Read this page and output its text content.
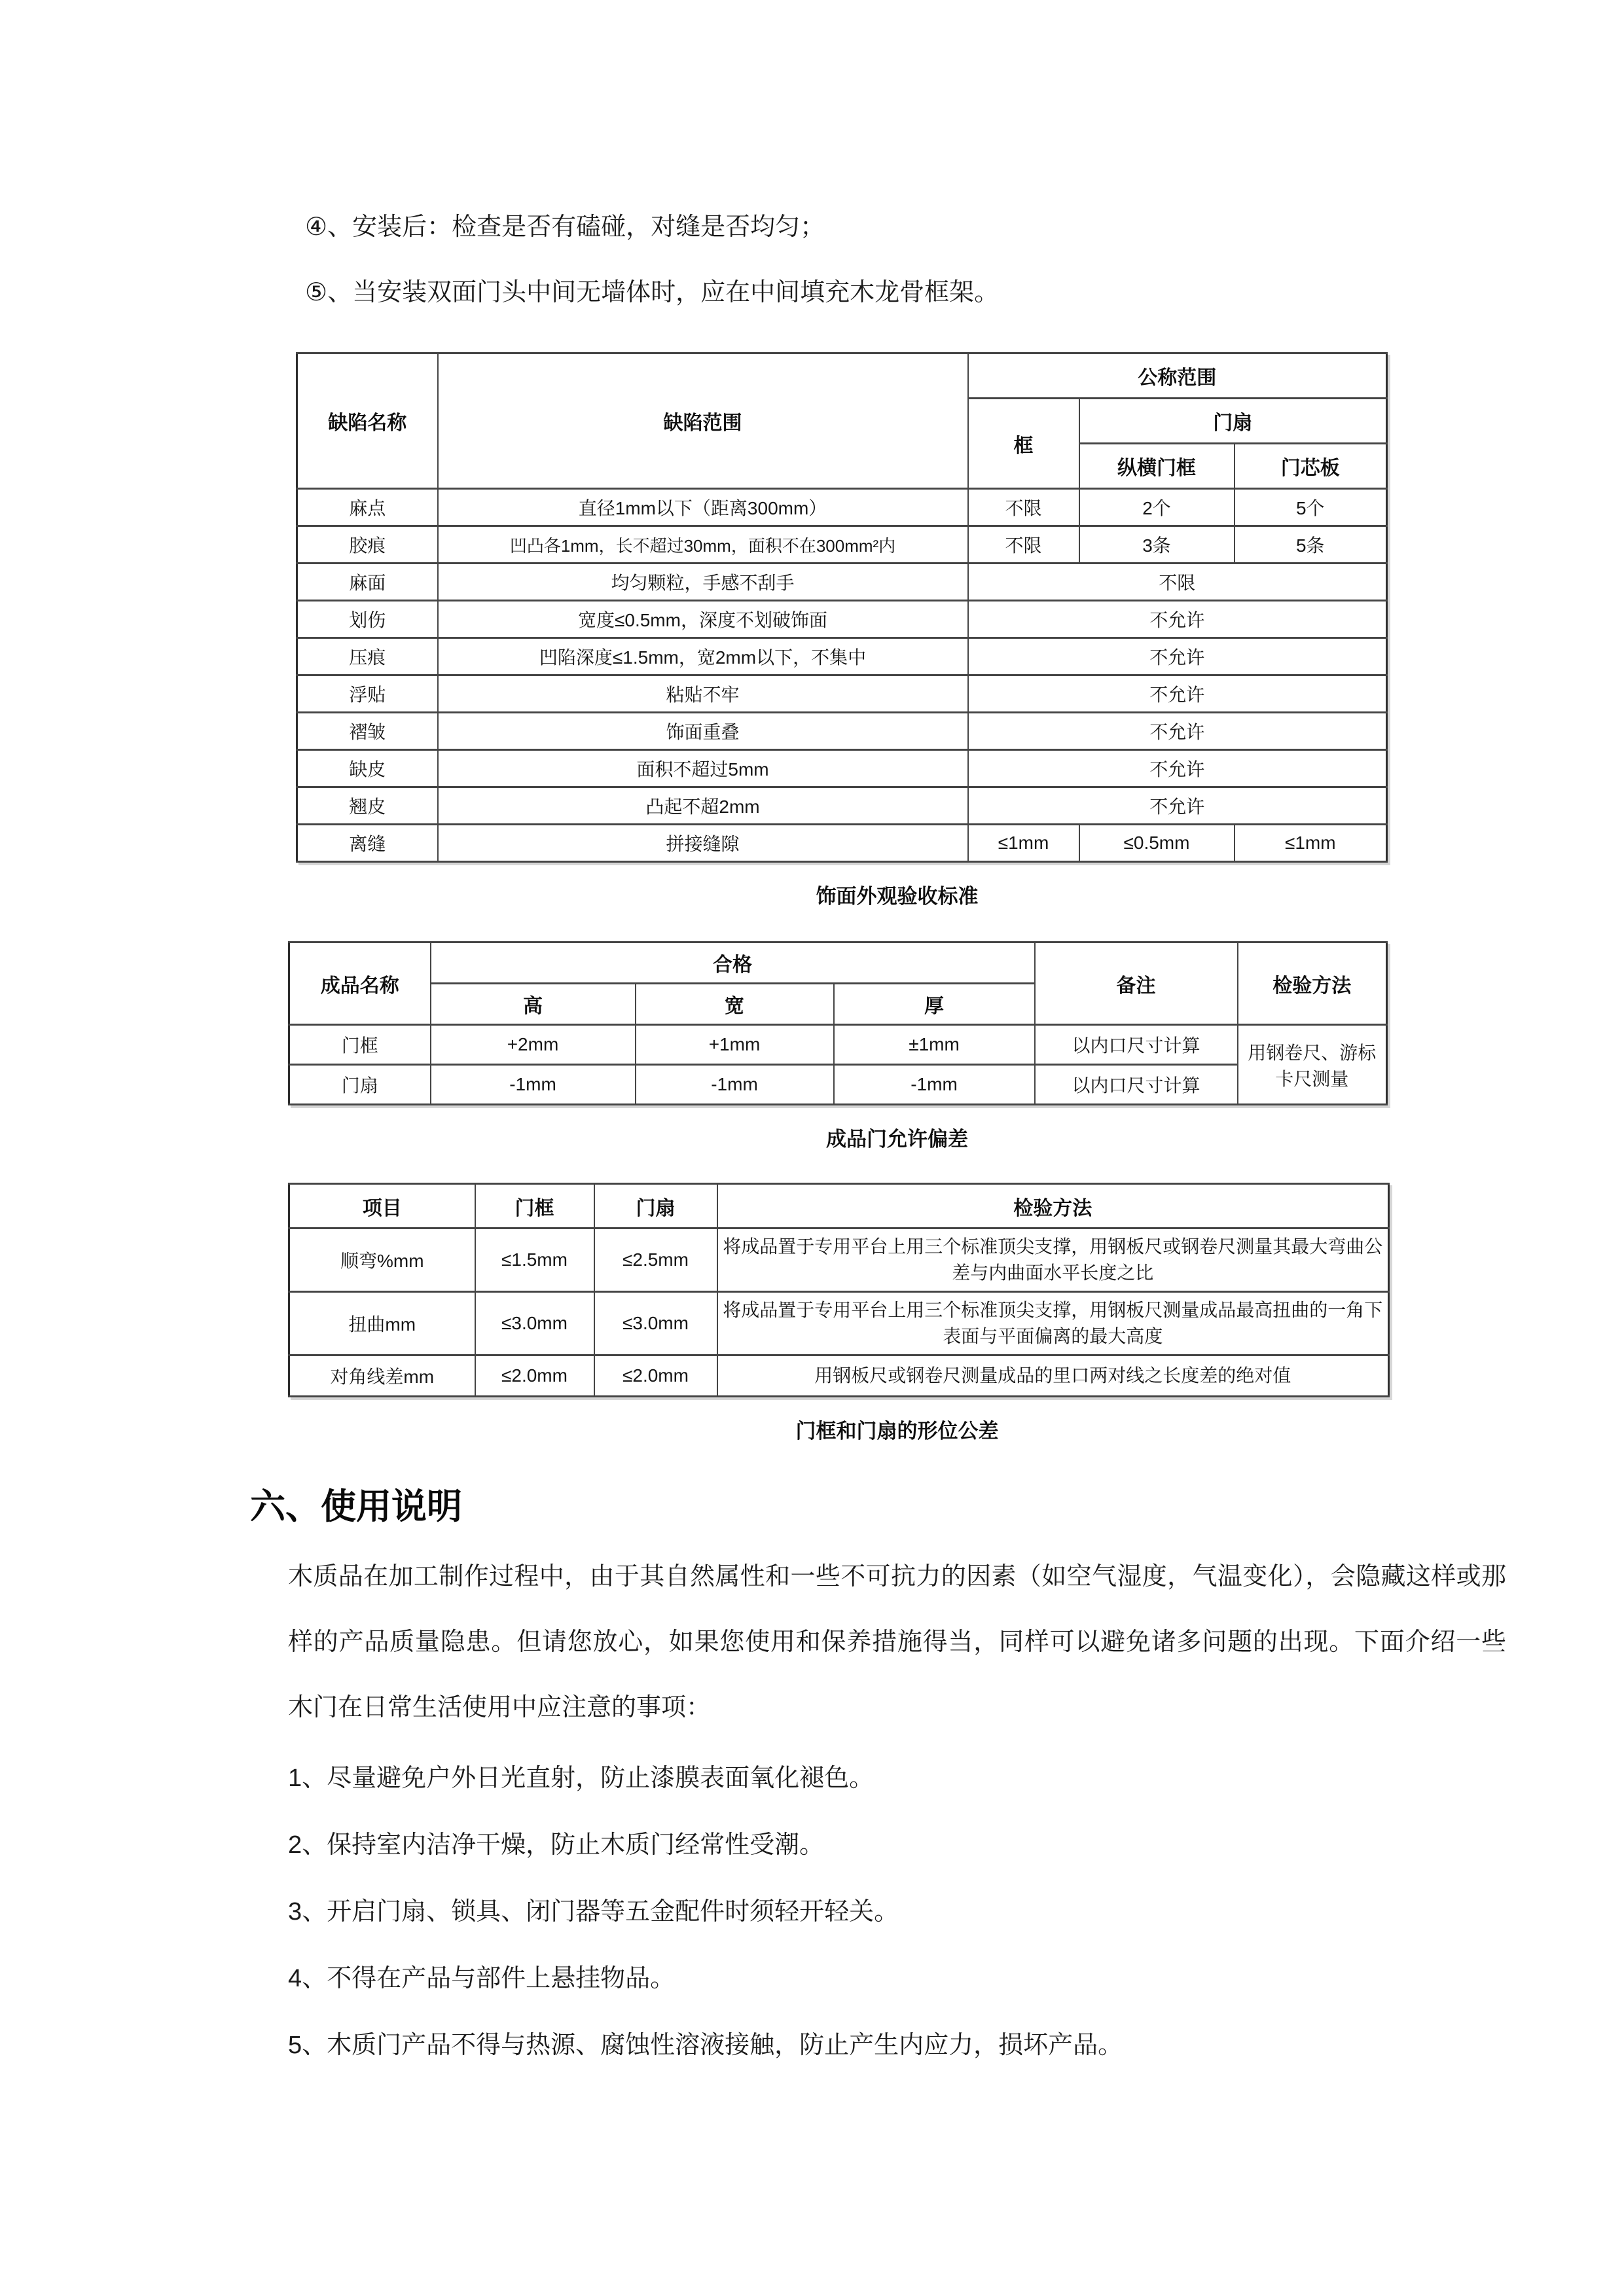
④、安装后：检查是否有磕碰，对缝是否均匀；

⑤、当安装双面门头中间无墙体时，应在中间填充木龙骨框架。

缺陷名称	缺陷范围	公称范围		
		框	门扇	
			纵横门框	门芯板
麻点	直径1mm以下（距离300mm）	不限	2个	5个
胶痕	凹凸各1mm，长不超过30mm，面积不在300mm²内	不限	3条	5条
麻面	均匀颗粒，手感不刮手	不限		
划伤	宽度≤0.5mm，深度不划破饰面	不允许		
压痕	凹陷深度≤1.5mm，宽2mm以下，不集中	不允许		
浮贴	粘贴不牢	不允许		
褶皱	饰面重叠	不允许		
缺皮	面积不超过5mm	不允许		
翘皮	凸起不超2mm	不允许		
离缝	拼接缝隙	≤1mm	≤0.5mm	≤1mm
饰面外观验收标准
成品名称	合格			备注	检验方法
	高	宽	厚		
门框	+2mm	+1mm	±1mm	以内口尺寸计算	用钢卷尺、游标卡尺测量
门扇	-1mm	-1mm	-1mm	以内口尺寸计算	
成品门允许偏差
项目	门框	门扇	检验方法
顺弯%mm	≤1.5mm	≤2.5mm	将成品置于专用平台上用三个标准顶尖支撑，用钢板尺或钢卷尺测量其最大弯曲公差与内曲面水平长度之比
扭曲mm	≤3.0mm	≤3.0mm	将成品置于专用平台上用三个标准顶尖支撑，用钢板尺测量成品最高扭曲的一角下表面与平面偏离的最大高度
对角线差mm	≤2.0mm	≤2.0mm	用钢板尺或钢卷尺测量成品的里口两对线之长度差的绝对值
门框和门扇的形位公差
六、使用说明

木质品在加工制作过程中，由于其自然属性和一些不可抗力的因素（如空气湿度，气温变化），会隐藏这样或那样的产品质量隐患。但请您放心，如果您使用和保养措施得当，同样可以避免诸多问题的出现。下面介绍一些木门在日常生活使用中应注意的事项：

1、尽量避免户外日光直射，防止漆膜表面氧化褪色。

2、保持室内洁净干燥，防止木质门经常性受潮。

3、开启门扇、锁具、闭门器等五金配件时须轻开轻关。

4、不得在产品与部件上悬挂物品。

5、木质门产品不得与热源、腐蚀性溶液接触，防止产生内应力，损坏产品。
